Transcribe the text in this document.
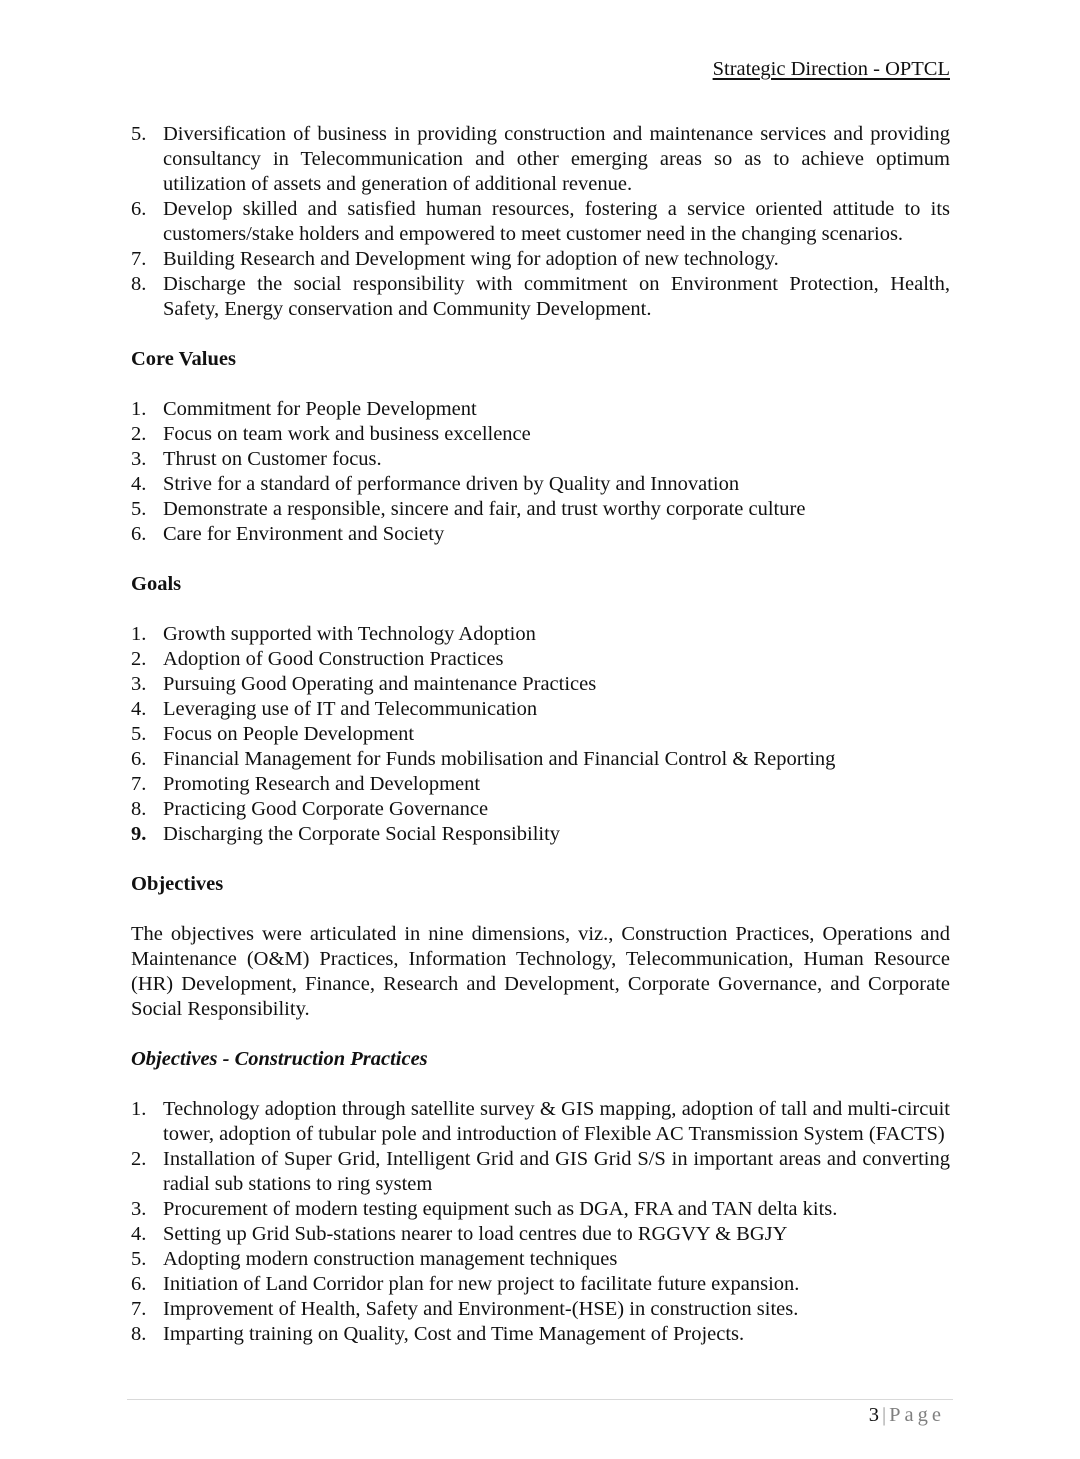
Strategic Direction - OPTCL
5. Diversification of business in providing construction and maintenance services and providing consultancy in Telecommunication and other emerging areas so as to achieve optimum utilization of assets and generation of additional revenue.
6. Develop skilled and satisfied human resources, fostering a service oriented attitude to its customers/stake holders and empowered to meet customer need in the changing scenarios.
7. Building Research and Development wing for adoption of new technology.
8. Discharge the social responsibility with commitment on Environment Protection, Health, Safety, Energy conservation and Community Development.
Core Values
1. Commitment for People Development
2. Focus on team work and business excellence
3. Thrust on Customer focus.
4. Strive for a standard of performance driven by Quality and Innovation
5. Demonstrate a responsible, sincere and fair, and trust worthy corporate culture
6. Care for Environment and Society
Goals
1. Growth supported with Technology Adoption
2. Adoption of Good Construction Practices
3. Pursuing Good Operating and maintenance Practices
4. Leveraging use of IT and Telecommunication
5. Focus on People Development
6. Financial Management for Funds mobilisation and Financial Control & Reporting
7. Promoting Research and Development
8. Practicing Good Corporate Governance
9. Discharging the Corporate Social Responsibility
Objectives

The objectives were articulated in nine dimensions, viz., Construction Practices, Operations and Maintenance (O&M) Practices, Information Technology, Telecommunication, Human Resource (HR) Development, Finance, Research and Development, Corporate Governance, and Corporate Social Responsibility.

Objectives - Construction Practices
1. Technology adoption through satellite survey & GIS mapping, adoption of tall and multi-circuit tower, adoption of tubular pole and introduction of Flexible AC Transmission System (FACTS)
2. Installation of Super Grid, Intelligent Grid and GIS Grid S/S in important areas and converting radial sub stations to ring system
3. Procurement of modern testing equipment such as DGA, FRA and TAN delta kits.
4. Setting up Grid Sub-stations nearer to load centres due to RGGVY & BGJY
5. Adopting modern construction management techniques
6. Initiation of Land Corridor plan for new project to facilitate future expansion.
7. Improvement of Health, Safety and Environment-(HSE) in construction sites.
8. Imparting training on Quality, Cost and Time Management of Projects.
3 | Page
